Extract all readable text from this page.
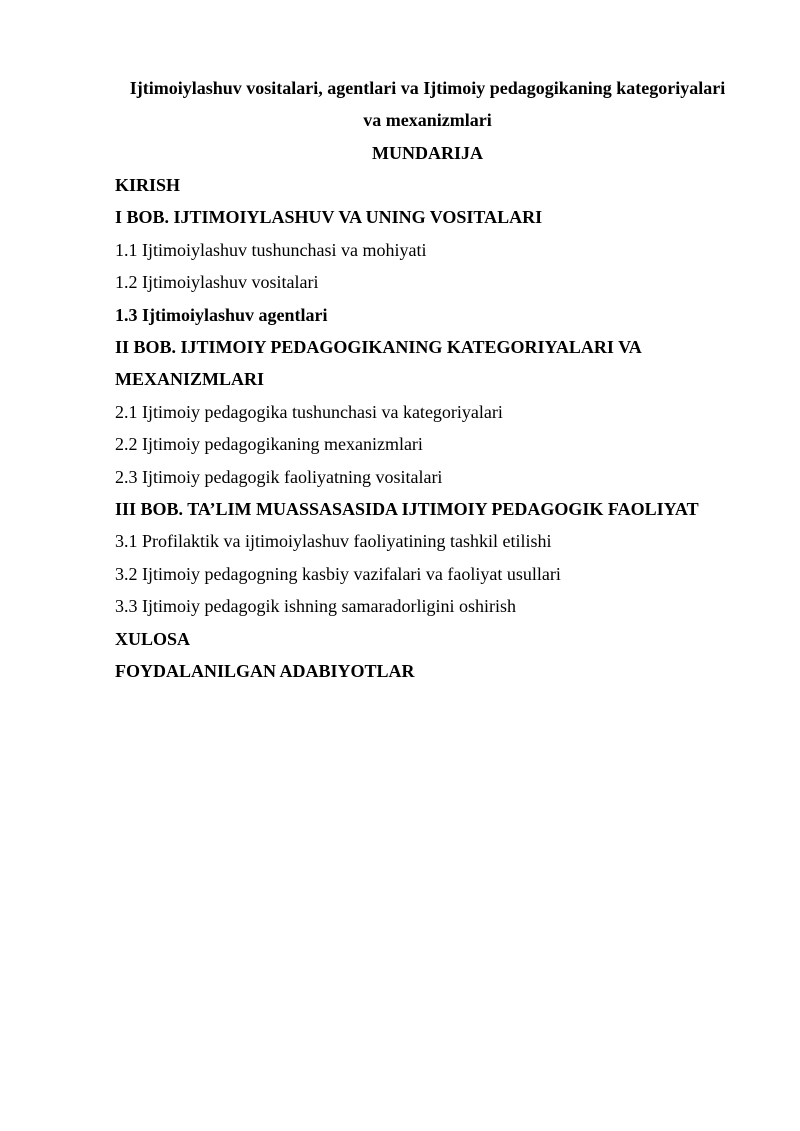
Ijtimoiylashuv vositalari, agentlari va Ijtimoiy pedagogikaning kategoriyalari
va mexanizmlari
MUNDARIJA
KIRISH
I BOB. IJTIMOIYLASHUV VA UNING VOSITALARI
1.1 Ijtimoiylashuv tushunchasi va mohiyati
1.2 Ijtimoiylashuv vositalari
1.3 Ijtimoiylashuv agentlari
II BOB. IJTIMOIY PEDAGOGIKANING KATEGORIYALARI VA
MEXANIZMLARI
2.1 Ijtimoiy pedagogika tushunchasi va kategoriyalari
2.2 Ijtimoiy pedagogikaning mexanizmlari
2.3 Ijtimoiy pedagogik faoliyatning vositalari
III BOB. TA’LIM MUASSASASIDA IJTIMOIY PEDAGOGIK FAOLIYAT
3.1 Profilaktik va ijtimoiylashuv faoliyatining tashkil etilishi
3.2 Ijtimoiy pedagogning kasbiy vazifalari va faoliyat usullari
3.3 Ijtimoiy pedagogik ishning samaradorligini oshirish
XULOSA
FOYDALANILGAN ADABIYOTLAR
